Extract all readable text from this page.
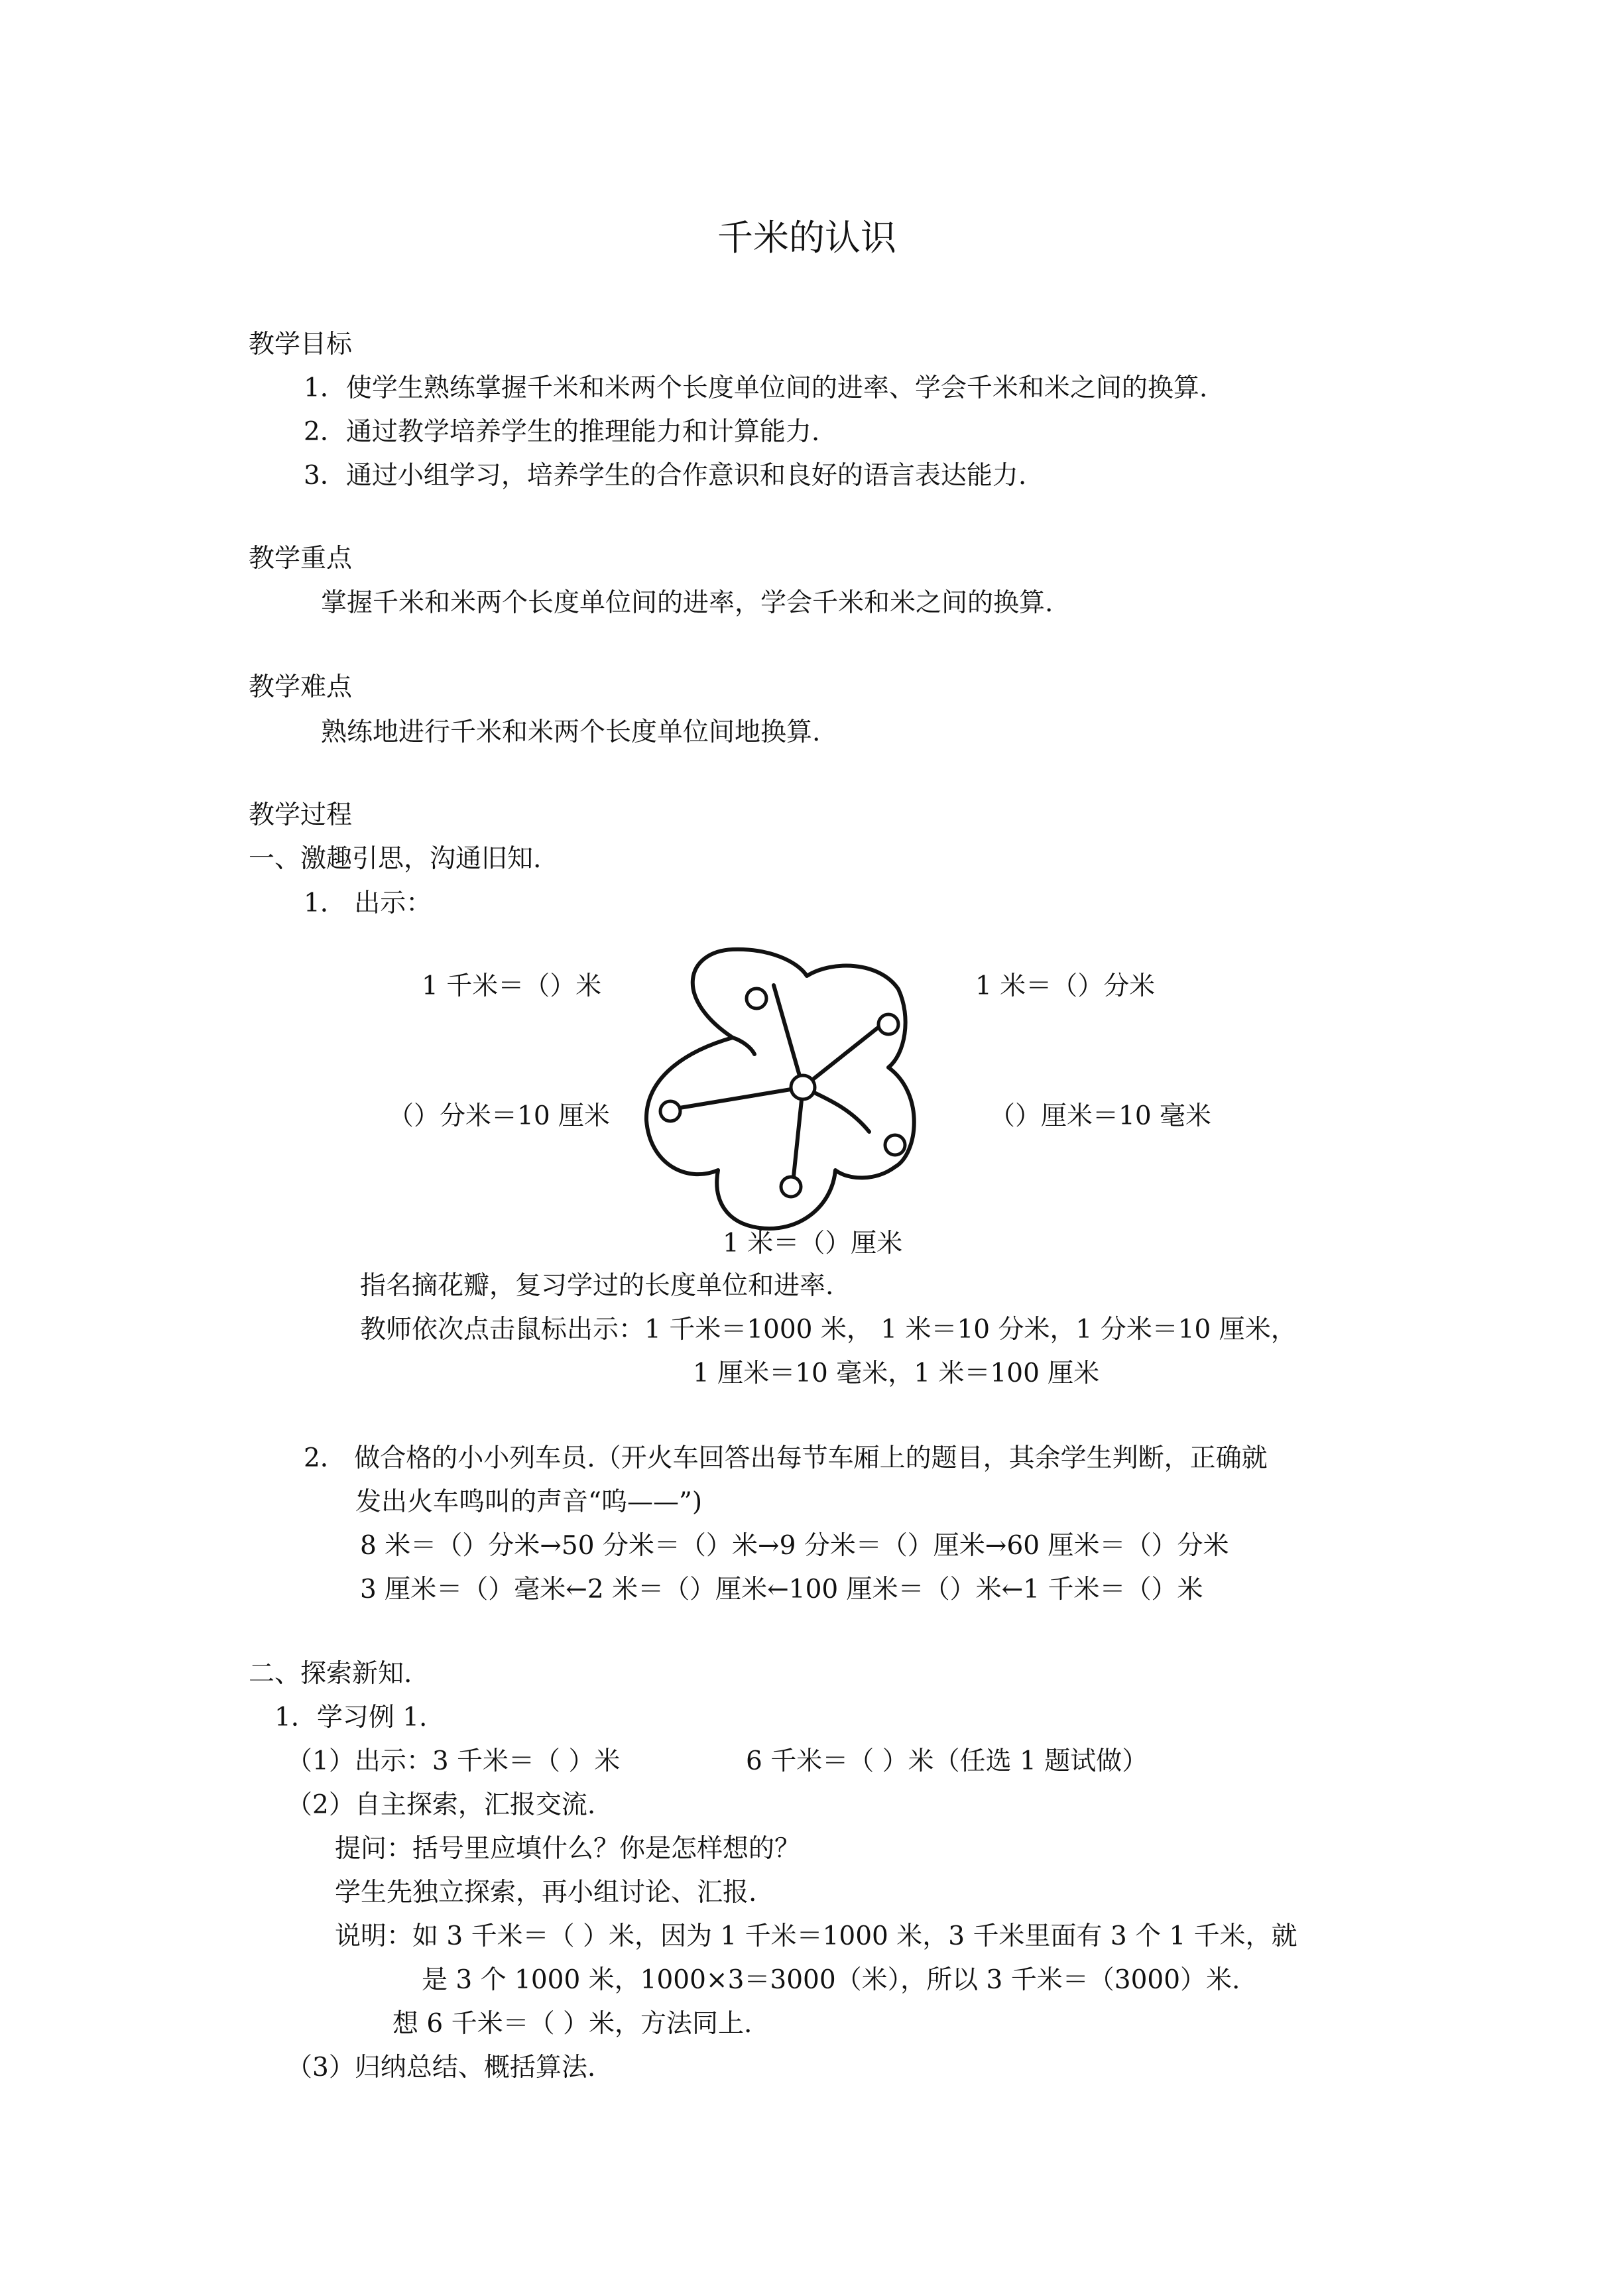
千米的认识
教学目标
1．使学生熟练掌握千米和米两个长度单位间的进率、学会千米和米之间的换算.
2．通过教学培养学生的推理能力和计算能力.
3．通过小组学习，培养学生的合作意识和良好的语言表达能力.
教学重点
掌握千米和米两个长度单位间的进率，学会千米和米之间的换算.
教学难点
熟练地进行千米和米两个长度单位间地换算.
教学过程
一、激趣引思，沟通旧知.
1． 出示：
1 千米＝（）米	1 米＝（）分米
（）分米＝10 厘米	（）厘米＝10 毫米
1 米＝（）厘米
指名摘花瓣，复习学过的长度单位和进率.
教师依次点击鼠标出示：1 千米＝1000 米， 1 米＝10 分米，1 分米＝10 厘米，
1 厘米＝10 毫米，1 米＝100 厘米
2． 做合格的小小列车员.（开火车回答出每节车厢上的题目，其余学生判断，正确就
发出火车鸣叫的声音“呜——”)
8 米＝（）分米→50 分米＝（）米→9 分米＝（）厘米→60 厘米＝（）分米
3 厘米＝（）毫米←2 米＝（）厘米←100 厘米＝（）米←1 千米＝（）米
二、探索新知.
1．学习例 1.
（1）出示：3 千米＝（ ）米	6 千米＝（ ）米（任选 1 题试做）
（2）自主探索，汇报交流.
提问：括号里应填什么？你是怎样想的？
学生先独立探索，再小组讨论、汇报.
说明：如 3 千米＝（ ）米，因为 1 千米＝1000 米，3 千米里面有 3 个 1 千米，就
是 3 个 1000 米，1000×3＝3000（米），所以 3 千米＝（3000）米.
想 6 千米＝（ ）米，方法同上.
（3）归纳总结、概括算法.
